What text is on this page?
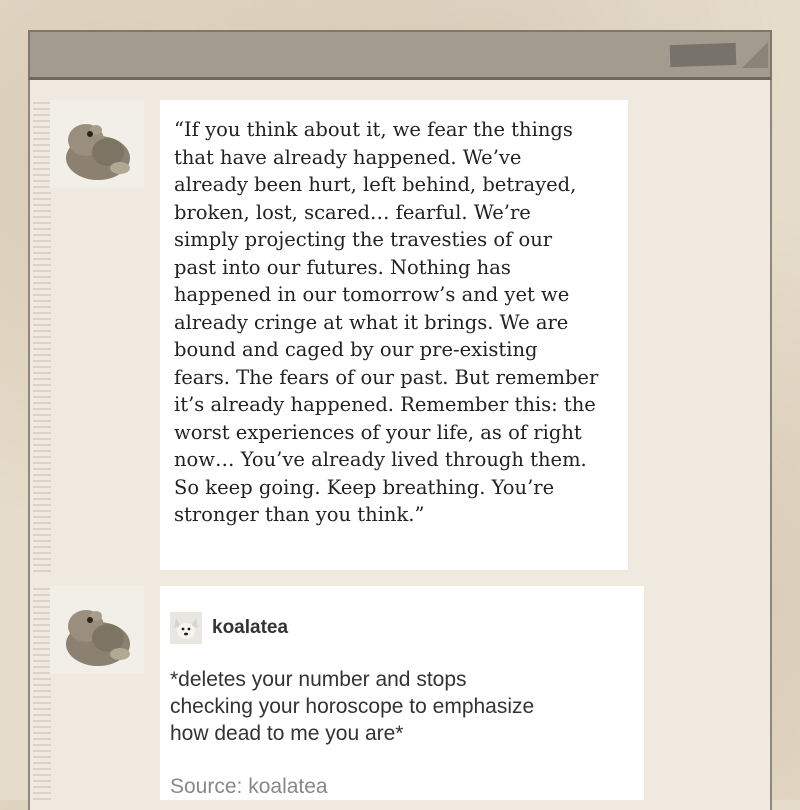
“If you think about it, we fear the things
that have already happened. We’ve
already been hurt, left behind, betrayed,
broken, lost, scared… fearful. We’re
simply projecting the travesties of our
past into our futures. Nothing has
happened in our tomorrow’s and yet we
already cringe at what it brings. We are
bound and caged by our pre-existing
fears. The fears of our past. But remember
it’s already happened. Remember this: the
worst experiences of your life, as of right
now… You’ve already lived through them.
So keep going. Keep breathing. You’re
stronger than you think.”

koalatea

*deletes your number and stops
checking your horoscope to emphasize
how dead to me you are*

Source: koalatea
